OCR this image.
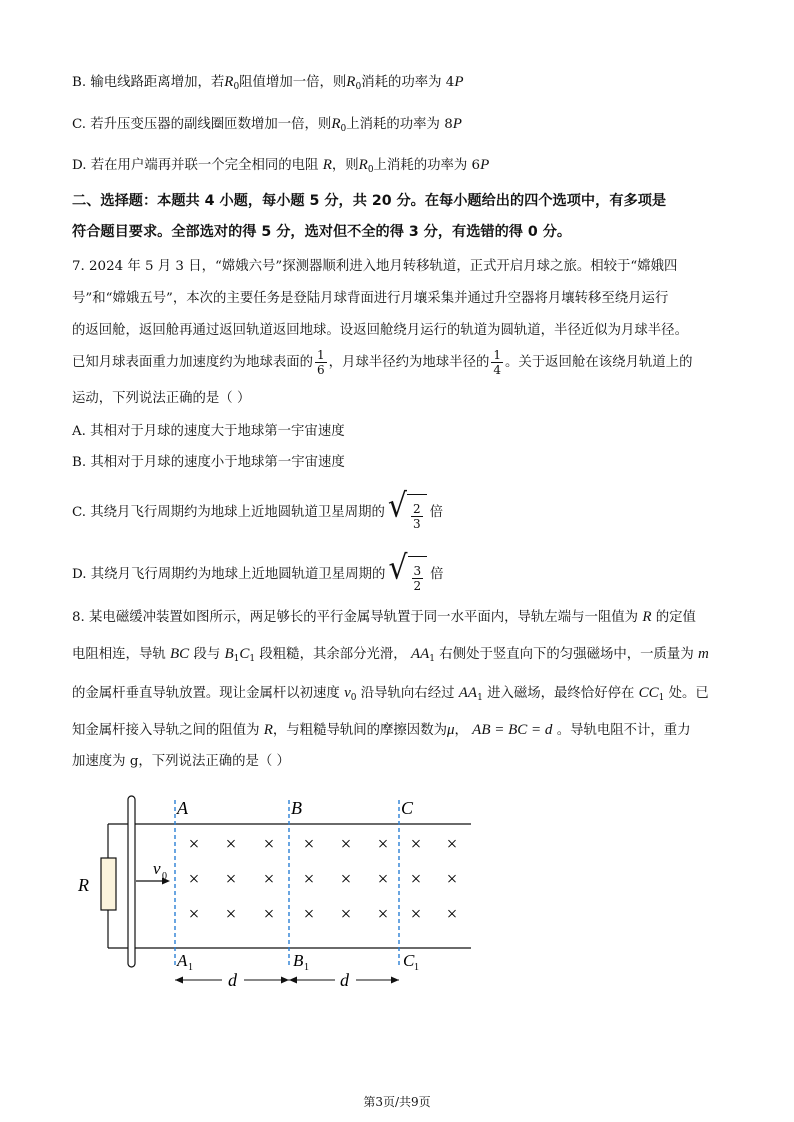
B. 输电线路距离增加，若$R_0$阻值增加一倍，则$R_0$消耗的功率为 4P
C. 若升压变压器的副线圈匝数增加一倍，则$R_0$上消耗的功率为 8P
D. 若在用户端再并联一个完全相同的电阻 R，则$R_0$上消耗的功率为 6P
二、选择题：本题共 4 小题，每小题 5 分，共 20 分。在每小题给出的四个选项中，有多项是
符合题目要求。全部选对的得 5 分，选对但不全的得 3 分，有选错的得 0 分。
7. 2024 年 5 月 3 日，“嫦娥六号”探测器顺利进入地月转移轨道，正式开启月球之旅。相较于“嫦娥四
号”和“嫦娥五号”，本次的主要任务是登陆月球背面进行月壤采集并通过升空器将月壤转移至绕月运行
的返回舱，返回舱再通过返回轨道返回地球。设返回舱绕月运行的轨道为圆轨道，半径近似为月球半径。
已知月球表面重力加速度约为地球表面的 $\frac{1}{6}$ ，月球半径约为地球半径的 $\frac{1}{4}$ 。关于返回舱在该绕月轨道上的
运动，下列说法正确的是（ ）
A. 其相对于月球的速度大于地球第一宇宙速度
B. 其相对于月球的速度小于地球第一宇宙速度
C. 其绕月飞行周期约为地球上近地圆轨道卫星周期的 √ $\frac{2}{3}$ 倍
D. 其绕月飞行周期约为地球上近地圆轨道卫星周期的 √ $\frac{3}{2}$ 倍
8. 某电磁缓冲装置如图所示，两足够长的平行金属导轨置于同一水平面内，导轨左端与一阻值为 R 的定值
电阻相连，导轨 BC 段与 $B_1C_1$ 段粗糙，其余部分光滑， $AA_1$ 右侧处于竖直向下的匀强磁场中，一质量为 m
的金属杆垂直导轨放置。现让金属杆以初速度 $v_0$ 沿导轨向右经过 $AA_1$ 进入磁场，最终恰好停在 $CC_1$ 处。已
知金属杆接入导轨之间的阻值为 R，与粗糙导轨间的摩擦因数为μ， AB = BC = d 。导轨电阻不计，重力
加速度为 g，下列说法正确的是（ ）
R
v 0
A	B	C
A 1	B 1	C 1
× × × × × × × ×
× × × × × × × ×
× × × × × × × ×
d	d
第3页/共9页
